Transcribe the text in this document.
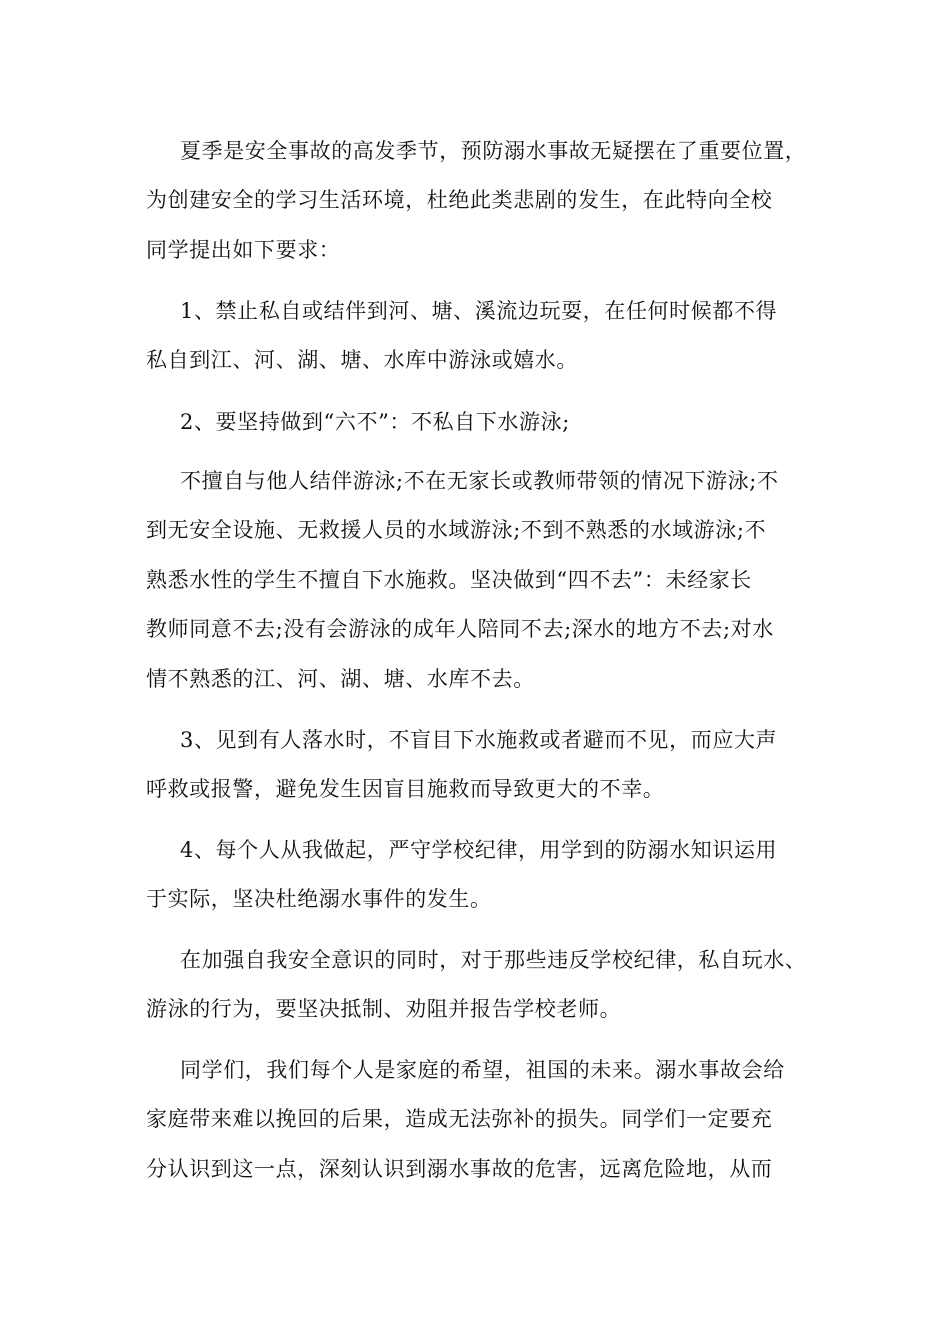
夏季是安全事故的高发季节，预防溺水事故无疑摆在了重要位置，
为创建安全的学习生活环境，杜绝此类悲剧的发生，在此特向全校
同学提出如下要求：
1、禁止私自或结伴到河、塘、溪流边玩耍，在任何时候都不得
私自到江、河、湖、塘、水库中游泳或嬉水。
2、要坚持做到“六不”：不私自下水游泳;
不擅自与他人结伴游泳;不在无家长或教师带领的情况下游泳;不
到无安全设施、无救援人员的水域游泳;不到不熟悉的水域游泳;不
熟悉水性的学生不擅自下水施救。坚决做到“四不去”：未经家长
教师同意不去;没有会游泳的成年人陪同不去;深水的地方不去;对水
情不熟悉的江、河、湖、塘、水库不去。
3、见到有人落水时，不盲目下水施救或者避而不见，而应大声
呼救或报警，避免发生因盲目施救而导致更大的不幸。
4、每个人从我做起，严守学校纪律，用学到的防溺水知识运用
于实际，坚决杜绝溺水事件的发生。
在加强自我安全意识的同时，对于那些违反学校纪律，私自玩水、
游泳的行为，要坚决抵制、劝阻并报告学校老师。
同学们，我们每个人是家庭的希望，祖国的未来。溺水事故会给
家庭带来难以挽回的后果，造成无法弥补的损失。同学们一定要充
分认识到这一点，深刻认识到溺水事故的危害，远离危险地，从而
